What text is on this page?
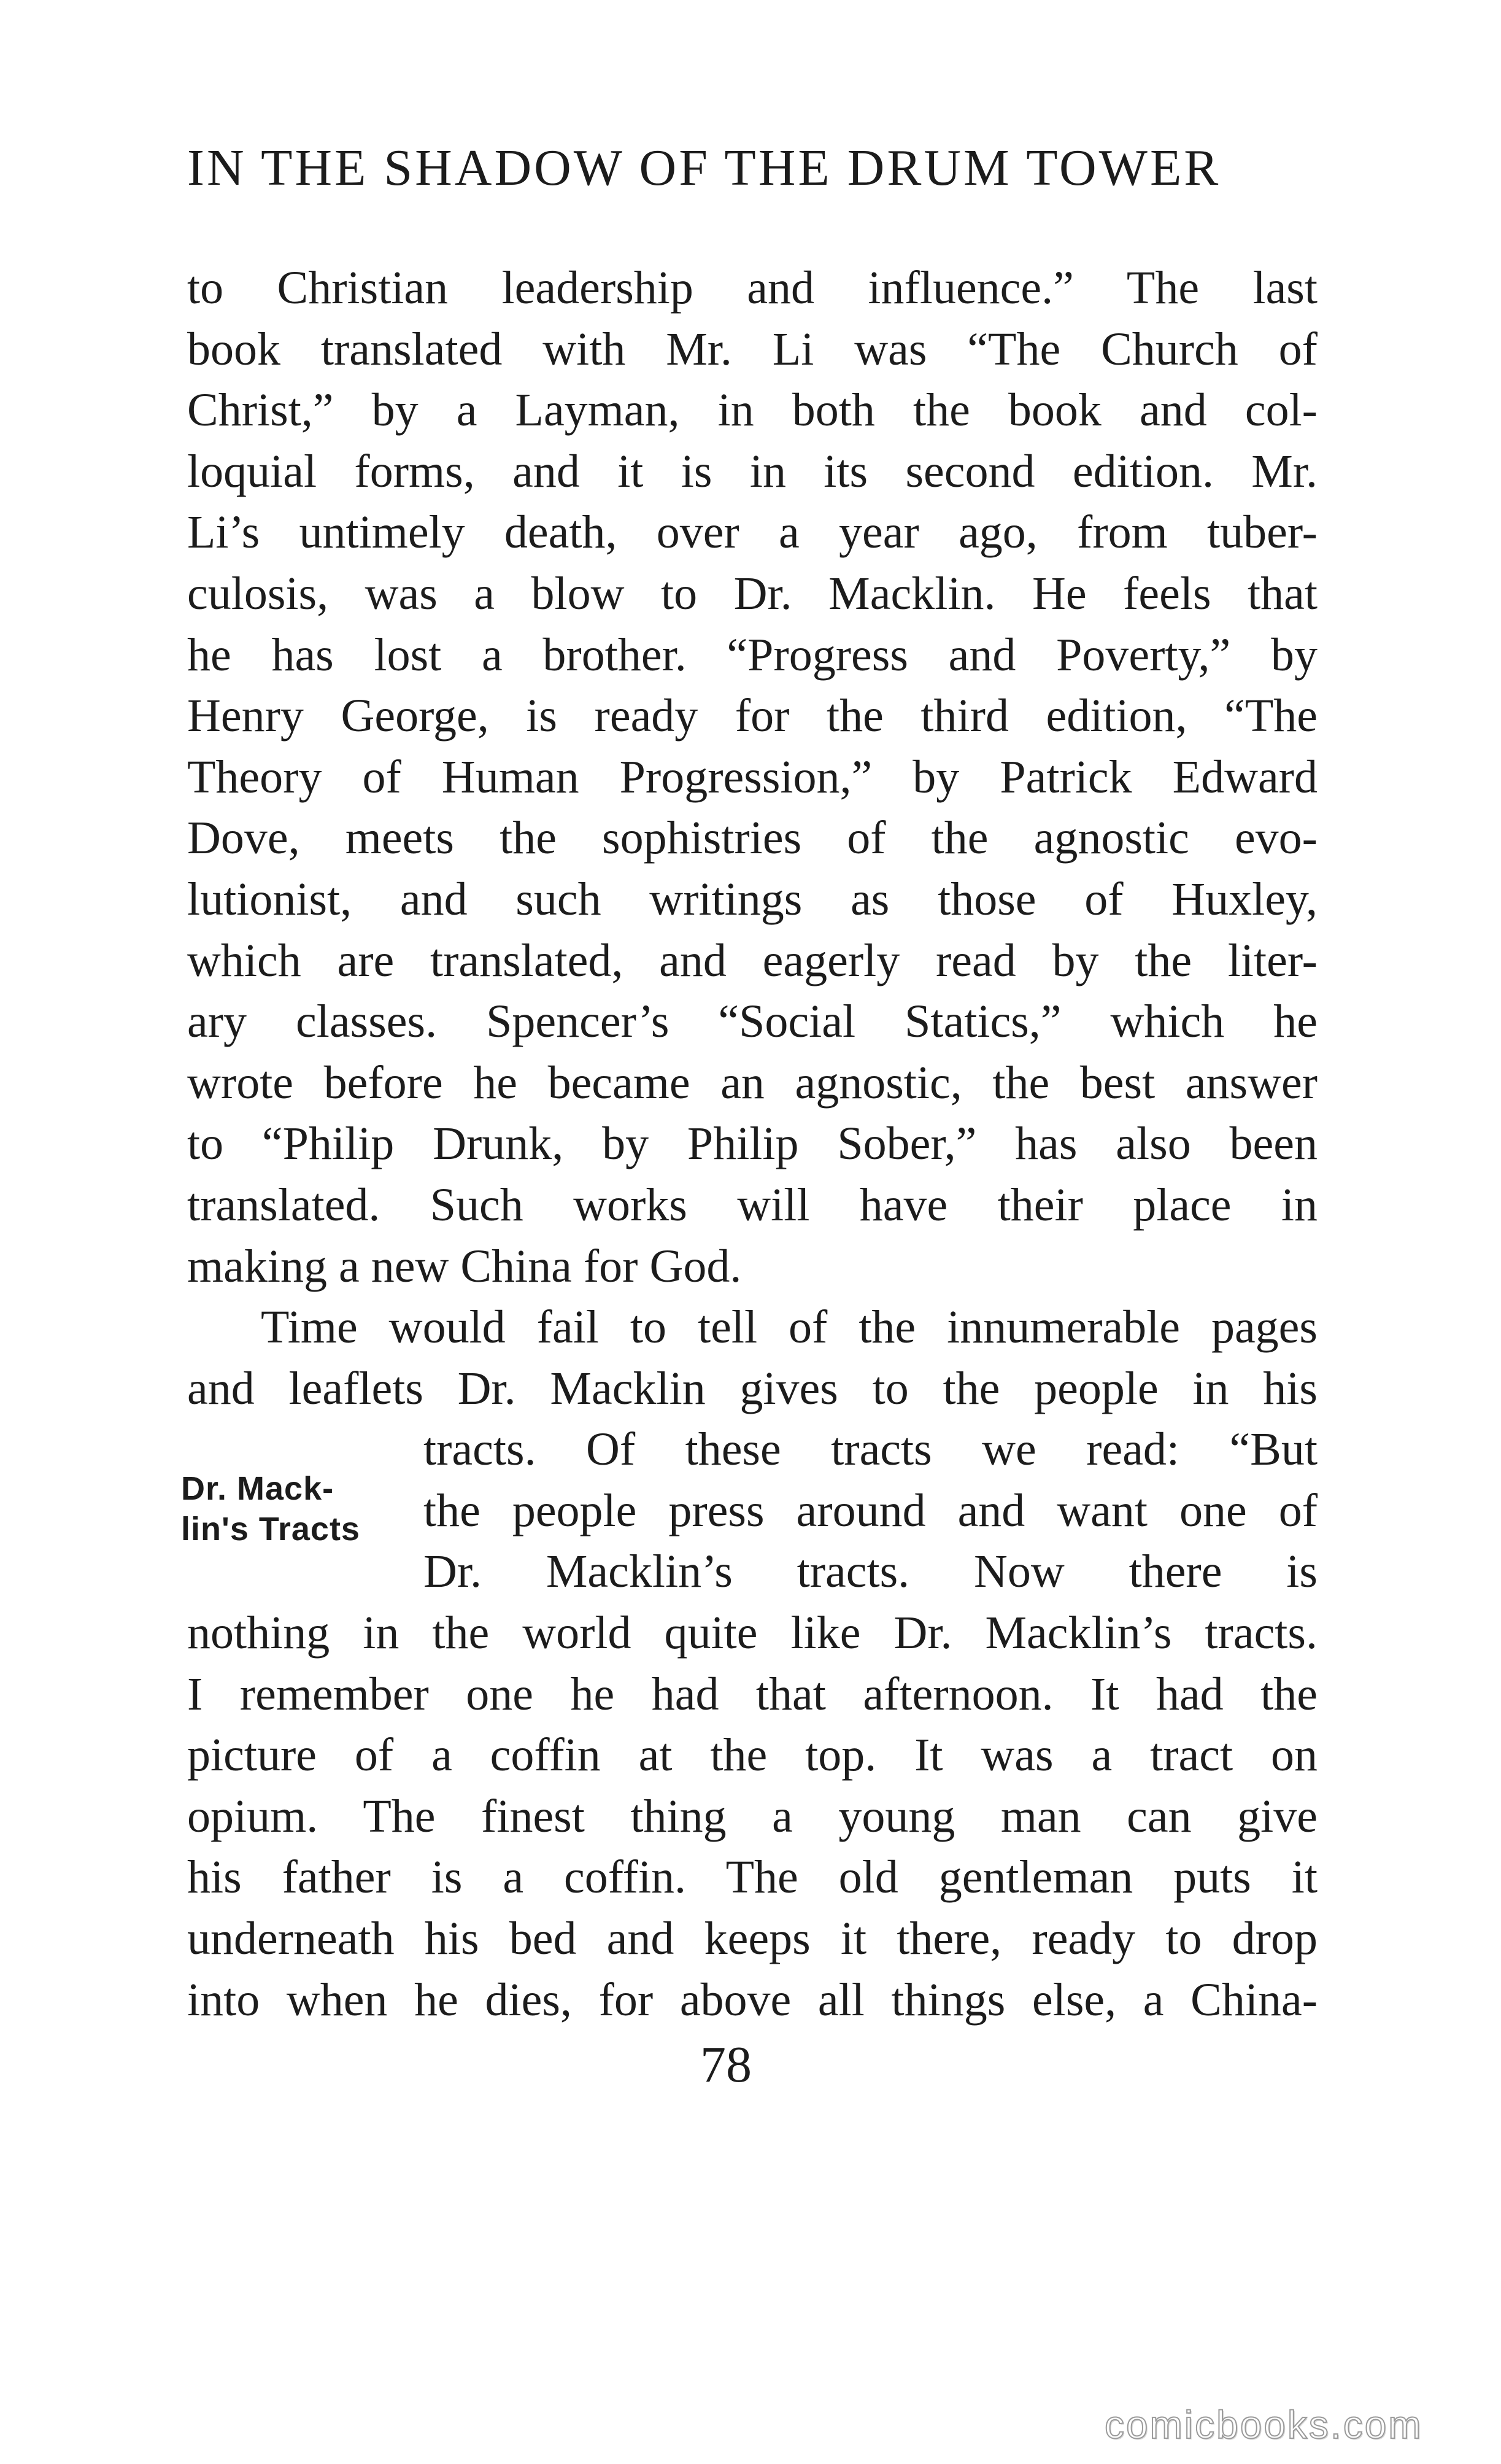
IN THE SHADOW OF THE DRUM TOWER
to Christian leadership and influence.” The last
book translated with Mr. Li was “The Church of
Christ,” by a Layman, in both the book and col-
loquial forms, and it is in its second edition. Mr.
Li’s untimely death, over a year ago, from tuber-
culosis, was a blow to Dr. Macklin. He feels that
he has lost a brother. “Progress and Poverty,” by
Henry George, is ready for the third edition, “The
Theory of Human Progression,” by Patrick Edward
Dove, meets the sophistries of the agnostic evo-
lutionist, and such writings as those of Huxley,
which are translated, and eagerly read by the liter-
ary classes. Spencer’s “Social Statics,” which he
wrote before he became an agnostic, the best answer
to “Philip Drunk, by Philip Sober,” has also been
translated. Such works will have their place in
making a new China for God.
Time would fail to tell of the innumerable pages
and leaflets Dr. Macklin gives to the people in his
tracts. Of these tracts we read: “But
the people press around and want one of
Dr. Macklin’s tracts. Now there is
nothing in the world quite like Dr. Macklin’s tracts.
I remember one he had that afternoon. It had the
picture of a coffin at the top. It was a tract on
opium. The finest thing a young man can give
his father is a coffin. The old gentleman puts it
underneath his bed and keeps it there, ready to drop
into when he dies, for above all things else, a China-
Dr. Mack-
lin's Tracts
78
comicbooks.com
